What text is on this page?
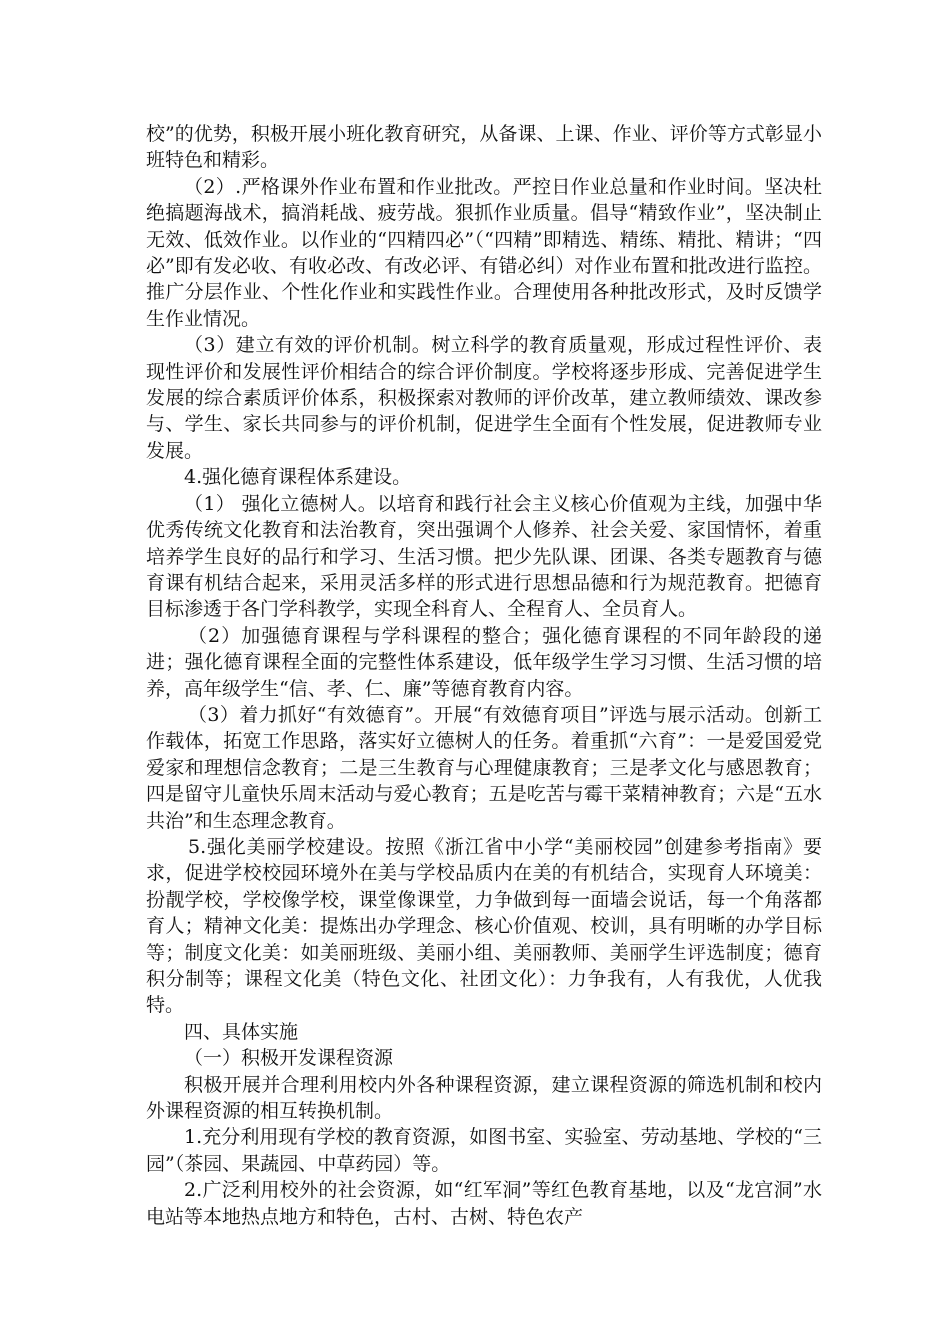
校”的优势，积极开展小班化教育研究，从备课、上课、作业、评价等方式彰显小班特色和精彩。

（2）.严格课外作业布置和作业批改。严控日作业总量和作业时间。坚决杜绝搞题海战术，搞消耗战、疲劳战。狠抓作业质量。倡导“精致作业”，坚决制止无效、低效作业。以作业的“四精四必”（“四精”即精选、精练、精批、精讲；“四必”即有发必收、有收必改、有改必评、有错必纠）对作业布置和批改进行监控。推广分层作业、个性化作业和实践性作业。合理使用各种批改形式，及时反馈学生作业情况。

（3）建立有效的评价机制。树立科学的教育质量观，形成过程性评价、表现性评价和发展性评价相结合的综合评价制度。学校将逐步形成、完善促进学生发展的综合素质评价体系，积极探索对教师的评价改革，建立教师绩效、课改参与、学生、家长共同参与的评价机制，促进学生全面有个性发展，促进教师专业发展。

4.强化德育课程体系建设。

（1） 强化立德树人。以培育和践行社会主义核心价值观为主线，加强中华优秀传统文化教育和法治教育，突出强调个人修养、社会关爱、家国情怀，着重培养学生良好的品行和学习、生活习惯。把少先队课、团课、各类专题教育与德育课有机结合起来，采用灵活多样的形式进行思想品德和行为规范教育。把德育目标渗透于各门学科教学，实现全科育人、全程育人、全员育人。

（2）加强德育课程与学科课程的整合；强化德育课程的不同年龄段的递进；强化德育课程全面的完整性体系建设，低年级学生学习习惯、生活习惯的培养，高年级学生“信、孝、仁、廉”等德育教育内容。

（3）着力抓好“有效德育”。开展“有效德育项目”评选与展示活动。创新工作载体，拓宽工作思路，落实好立德树人的任务。着重抓“六育”：一是爱国爱党爱家和理想信念教育；二是三生教育与心理健康教育；三是孝文化与感恩教育；四是留守儿童快乐周末活动与爱心教育；五是吃苦与霉干菜精神教育；六是“五水共治”和生态理念教育。

5.强化美丽学校建设。按照《浙江省中小学“美丽校园”创建参考指南》要求，促进学校校园环境外在美与学校品质内在美的有机结合，实现育人环境美：扮靓学校，学校像学校，课堂像课堂，力争做到每一面墙会说话，每一个角落都育人；精神文化美：提炼出办学理念、核心价值观、校训，具有明晰的办学目标等；制度文化美：如美丽班级、美丽小组、美丽教师、美丽学生评选制度；德育积分制等；课程文化美（特色文化、社团文化）：力争我有，人有我优，人优我特。

四、具体实施

（一）积极开发课程资源

积极开展并合理利用校内外各种课程资源，建立课程资源的筛选机制和校内外课程资源的相互转换机制。

1.充分利用现有学校的教育资源，如图书室、实验室、劳动基地、学校的“三园”（茶园、果蔬园、中草药园）等。

2.广泛利用校外的社会资源，如“红军洞”等红色教育基地，以及“龙宫洞”水电站等本地热点地方和特色，古村、古树、特色农产
